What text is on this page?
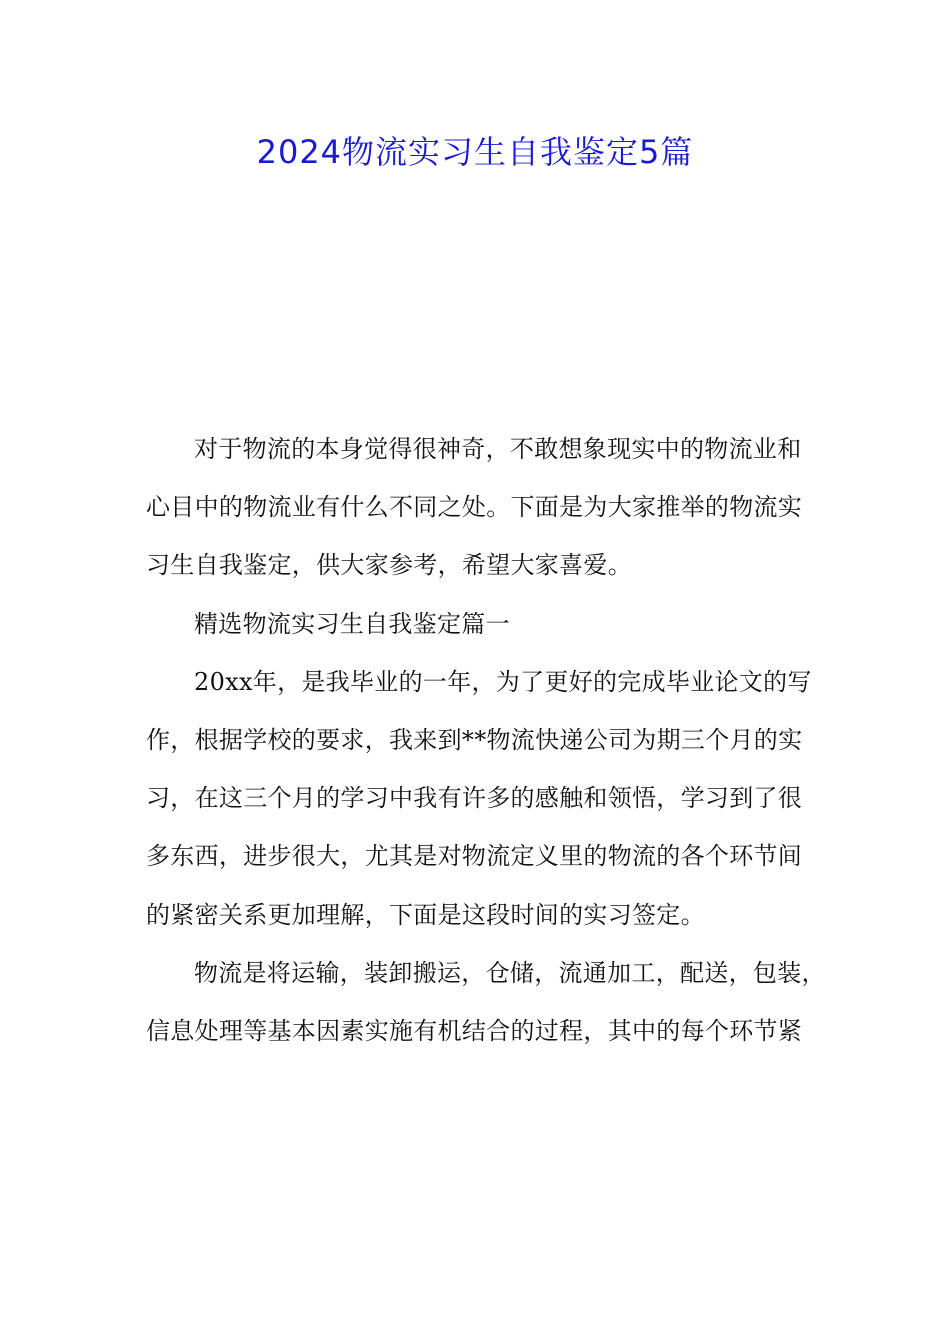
2024物流实习生自我鉴定5篇
对于物流的本身觉得很神奇，不敢想象现实中的物流业和
心目中的物流业有什么不同之处。下面是为大家推举的物流实
习生自我鉴定，供大家参考，希望大家喜爱。
精选物流实习生自我鉴定篇一
20xx年，是我毕业的一年，为了更好的完成毕业论文的写
作，根据学校的要求，我来到**物流快递公司为期三个月的实
习，在这三个月的学习中我有许多的感触和领悟，学习到了很
多东西，进步很大，尤其是对物流定义里的物流的各个环节间
的紧密关系更加理解，下面是这段时间的实习签定。
物流是将运输，装卸搬运，仓储，流通加工，配送，包装，
信息处理等基本因素实施有机结合的过程，其中的每个环节紧
